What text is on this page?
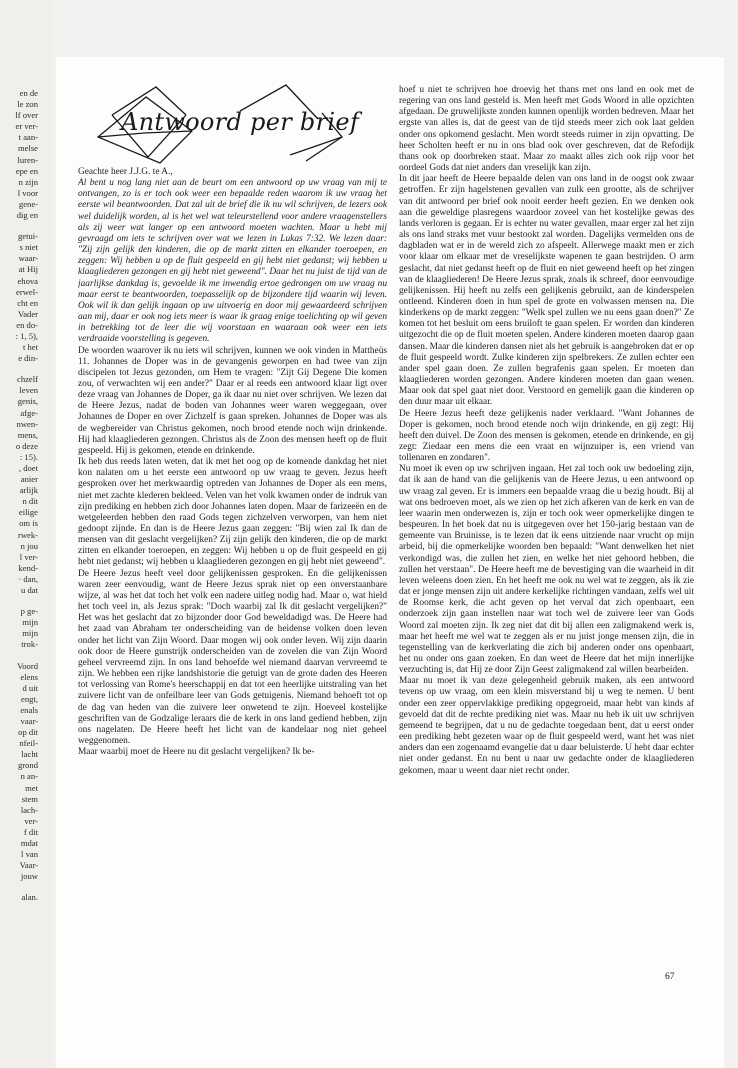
en de
le zon
lf over
er ver-
t aan-
melse
luren-
epe en
n zijn
l voor
gene-
dig en
getui-
s niet
waar-
at Hij
ehova
erwel-
cht en
Vader
en do-
: 1, 5),
t het
e din-
chzelf
leven
genis,
afge-
nwen-
mens,
o deze
: 15).
, doet
anier
arlijk
n dit
eilige
om is
rwek-
n jou
l ver-
kend-
· dan,
u dat
p ge-
mijn
mijn
trok-
Voord
elens
d uit
engt,
enals
vaar-
op dit
nfeil-
lacht
grond
n an-
met
stem
lach-
ver-
f dit
mdat
l van
Vaar-
jouw
alan.
Antwoord per brief

Geachte heer J.J.G. te A.,

Al bent u nog lang niet aan de beurt om een antwoord op uw vraag van mij te ontvangen, zo is er toch ook weer een bepaalde reden waarom ik uw vraag het eerste wil beantwoorden. Dat zal uit de brief die ik nu wil schrijven, de lezers ook wel duidelijk worden, al is het wel wat teleurstellend voor andere vraagenstellers als zij weer wat langer op een antwoord moeten wachten. Maar u hebt mij gevraagd om iets te schrijven over wat we lezen in Lukas 7:32. We lezen daar: "Zij zijn gelijk den kinderen, die op de markt zitten en elkander toeroepen, en zeggen: Wij hebben u op de fluit gespeeld en gij hebt niet gedanst; wij hebben u klaagliederen gezongen en gij hebt niet geweend". Daar het nu juist de tijd van de jaarlijkse dankdag is, gevoelde ik me inwendig ertoe gedrongen om uw vraag nu maar eerst te beantwoorden, toepasselijk op de bijzondere tijd waarin wij leven. Ook wil ik dan gelijk ingaan op uw uitvoerig en door mij gewaardeerd schrijven aan mij, daar er ook nog iets meer is waar ik graag enige toelichting op wil geven in betrekking tot de leer die wij voorstaan en waaraan ook weer een iets verdraaide voorstelling is gegeven.

De woorden waarover ik nu iets wil schrijven, kunnen we ook vinden in Mattheüs 11. Johannes de Doper was in de gevangenis geworpen en had twee van zijn discipelen tot Jezus gezonden, om Hem te vragen: "Zijt Gij Degene Die komen zou, of verwachten wij een ander?" Daar er al reeds een antwoord klaar ligt over deze vraag van Johannes de Doper, ga ik daar nu niet over schrijven. We lezen dat de Heere Jezus, nadat de boden van Johannes weer waren weggegaan, over Johannes de Doper en over Zichzelf is gaan spreken. Johannes de Doper was als de wegbereider van Christus gekomen, noch brood etende noch wijn drinkende. Hij had klaagliederen gezongen. Christus als de Zoon des mensen heeft op de fluit gespeeld. Hij is gekomen, etende en drinkende.

Ik heb dus reeds laten weten, dat ik met het oog op de komende dankdag het niet kon nalaten om u het eerste een antwoord op uw vraag te geven. Jezus heeft gesproken over het merkwaardig optreden van Johannes de Doper als een mens, niet met zachte klederen bekleed. Velen van het volk kwamen onder de indruk van zijn prediking en hebben zich door Johannes laten dopen. Maar de farizeeën en de wetgeleerden hebben den raad Gods tegen zichzelven verworpen, van hem niet gedoopt zijnde. En dan is de Heere Jezus gaan zeggen: "Bij wien zal Ik dan de mensen van dit geslacht vergelijken? Zij zijn gelijk den kinderen, die op de markt zitten en elkander toeroepen, en zeggen: Wij hebben u op de fluit gespeeld en gij hebt niet gedanst; wij hebben u klaagliederen gezongen en gij hebt niet geweend".

De Heere Jezus heeft veel door gelijkenissen gesproken. En die gelijkenissen waren zeer eenvoudig, want de Heere Jezus sprak niet op een onverstaanbare wijze, al was het dat toch het volk een nadere uitleg nodig had. Maar o, wat hield het toch veel in, als Jezus sprak: "Doch waarbij zal Ik dit geslacht vergelijken?" Het was het geslacht dat zo bijzonder door God beweldadigd was. De Heere had het zaad van Abraham ter onderscheiding van de heidense volken doen leven onder het licht van Zijn Woord. Daar mogen wij ook onder leven. Wij zijn daarin ook door de Heere gunstrijk onderscheiden van de zovelen die van Zijn Woord geheel vervreemd zijn. In ons land behoefde wel niemand daarvan vervreemd te zijn. We hebben een rijke landshistorie die getuigt van de grote daden des Heeren tot verlossing van Rome's heerschappij en dat tot een heerlijke uitstraling van het zuivere licht van de onfeilbare leer van Gods getuigenis. Niemand behoeft tot op de dag van heden van die zuivere leer onwetend te zijn. Hoeveel kostelijke geschriften van de Godzalige leraars die de kerk in ons land gediend hebben, zijn ons nagelaten. De Heere heeft het licht van de kandelaar nog niet geheel weggenomen.

Maar waarbij moet de Heere nu dit geslacht vergelijken? Ik be-

hoef u niet te schrijven hoe droevig het thans met ons land en ook met de regering van ons land gesteld is. Men heeft met Gods Woord in alle opzichten afgedaan. De gruwelijkste zonden kunnen openlijk worden bedreven. Maar het ergste van alles is, dat de geest van de tijd steeds meer zich ook laat gelden onder ons opkomend geslacht. Men wordt steeds ruimer in zijn opvatting. De heer Scholten heeft er nu in ons blad ook over geschreven, dat de Refodijk thans ook op doorbreken staat. Maar zo maakt alles zich ook rijp voor het oordeel Gods dat niet anders dan vreselijk kan zijn.

In dit jaar heeft de Heere bepaalde delen van ons land in de oogst ook zwaar getroffen. Er zijn hagelstenen gevallen van zulk een grootte, als de schrijver van dit antwoord per brief ook nooit eerder heeft gezien. En we denken ook aan die geweldige plasregens waardoor zoveel van het kostelijke gewas des lands verloren is gegaan. Er is echter nu water gevallen, maar erger zal het zijn als ons land straks met vuur bestookt zal worden. Dagelijks vermelden ons de dagbladen wat er in de wereld zich zo afspeelt. Allerwege maakt men er zich voor klaar om elkaar met de vreselijkste wapenen te gaan bestrijden. O arm geslacht, dat niet gedanst heeft op de fluit en niet geweend heeft op het zingen van de klaagliederen! De Heere Jezus sprak, zoals ik schreef, door eenvoudige gelijkenissen. Hij heeft nu zelfs een gelijkenis gebruikt, aan de kinderspelen ontleend. Kinderen doen in hun spel de grote en volwassen mensen na. Die kinderkens op de markt zeggen: "Welk spel zullen we nu eens gaan doen?" Ze komen tot het besluit om eens bruiloft te gaan spelen. Er worden dan kinderen uitgezocht die op de fluit moeten spelen. Andere kinderen moeten daarop gaan dansen. Maar die kinderen dansen niet als het gebruik is aangebroken dat er op de fluit gespeeld wordt. Zulke kinderen zijn spelbrekers. Ze zullen echter een ander spel gaan doen. Ze zullen begrafenis gaan spelen. Er moeten dan klaagliederen worden gezongen. Andere kinderen moeten dan gaan wenen. Maar ook dat spel gaat niet door. Verstoord en gemelijk gaan die kinderen op den duur maar uit elkaar.

De Heere Jezus heeft deze gelijkenis nader verklaard. "Want Johannes de Doper is gekomen, noch brood etende noch wijn drinkende, en gij zegt: Hij heeft den duivel. De Zoon des mensen is gekomen, etende en drinkende, en gij zegt: Ziedaar een mens die een vraat en wijnzuiper is, een vriend van tollenaren en zondaren".

Nu moet ik even op uw schrijven ingaan. Het zal toch ook uw bedoeling zijn, dat ik aan de hand van die gelijkenis van de Heere Jezus, u een antwoord op uw vraag zal geven. Er is immers een bepaalde vraag die u bezig houdt. Bij al wat ons bedroeven moet, als we zien op het zich afkeren van de kerk en van de leer waarin men onderwezen is, zijn er toch ook weer opmerkelijke dingen te bespeuren. In het boek dat nu is uitgegeven over het 150-jarig bestaan van de gemeente van Bruinisse, is te lezen dat ik eens uitziende naar vrucht op mijn arbeid, bij die opmerkelijke woorden ben bepaald: "Want denwelken het niet verkondigd was, die zullen het zien, en welke het niet gehoord hebben, die zullen het verstaan". De Heere heeft me de bevestiging van die waarheid in dit leven weleens doen zien. En het heeft me ook nu wel wat te zeggen, als ik zie dat er jonge mensen zijn uit andere kerkelijke richtingen vandaan, zelfs wel uit de Roomse kerk, die acht geven op het verval dat zich openbaart, een onderzoek zijn gaan instellen naar wat toch wel de zuivere leer van Gods Woord zal moeten zijn. Ik zeg niet dat dit bij allen een zaligmakend werk is, maar het heeft me wel wat te zeggen als er nu juist jonge mensen zijn, die in tegenstelling van de kerkverlating die zich bij anderen onder ons openbaart, het nu onder ons gaan zoeken. En dan weet de Heere dat het mijn innerlijke verzuchting is, dat Hij ze door Zijn Geest zaligmakend zal willen bearbeiden.

Maar nu moet ik van deze gelegenheid gebruik maken, als een antwoord tevens op uw vraag, om een klein misverstand bij u weg te nemen. U bent onder een zeer oppervlakkige prediking opgegroeid, maar hebt van kinds af gevoeld dat dit de rechte prediking niet was. Maar nu heb ik uit uw schrijven gemeend te begrijpen, dat u nu de gedachte toegedaan bent, dat u eerst onder een prediking hebt gezeten waar op de fluit gespeeld werd, want het was niet anders dan een zogenaamd evangelie dat u daar beluisterde. U hebt daar echter niet onder gedanst. En nu bent u naar uw gedachte onder de klaagliederen gekomen, maar u weent daar niet recht onder.

67
